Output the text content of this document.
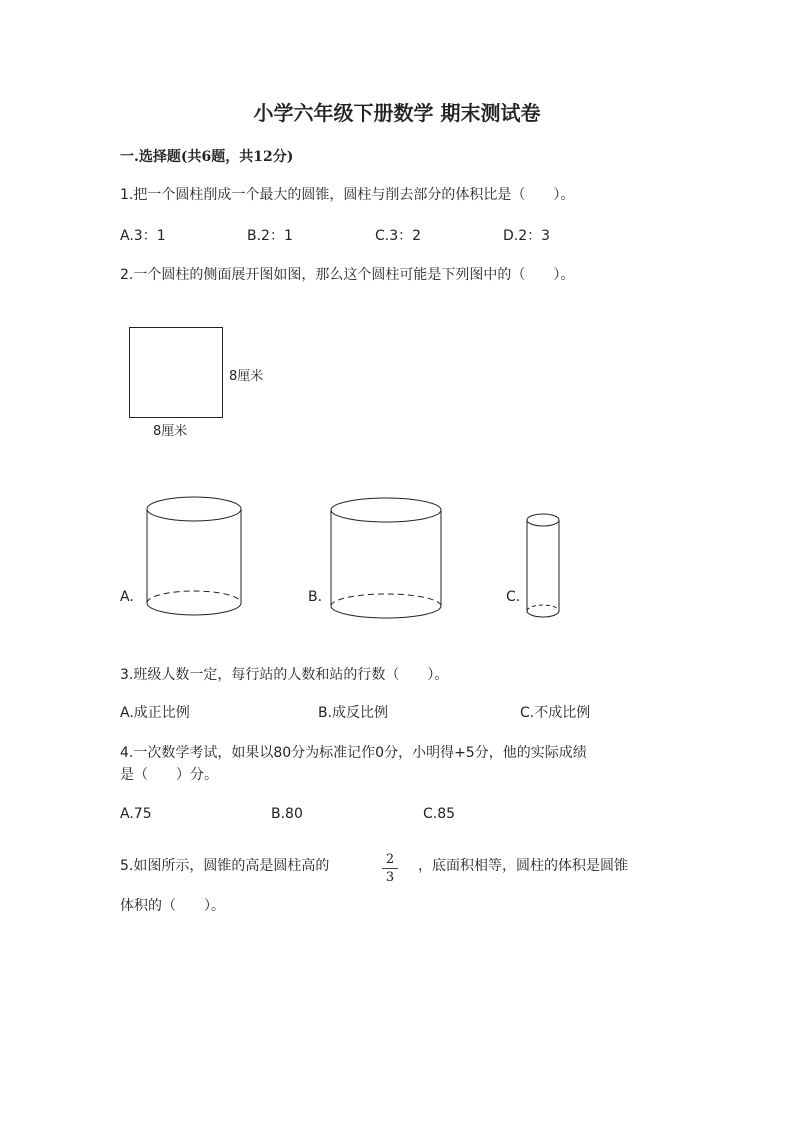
小学六年级下册数学 期末测试卷
一.选择题(共6题，共12分)
1.把一个圆柱削成一个最大的圆锥，圆柱与削去部分的体积比是（　　）。
A.3：1	B.2：1	C.3：2	D.2：3
2.一个圆柱的侧面展开图如图，那么这个圆柱可能是下列图中的（　　）。
8厘米
8厘米
A.	B.	C.
3.班级人数一定，每行站的人数和站的行数（　　）。
A.成正比例	B.成反比例	C.不成比例
4.一次数学考试，如果以80分为标准记作0分，小明得+5分，他的实际成绩
是（　　）分。
A.75	B.80	C.85
5.如图所示，圆锥的高是圆柱高的	2
3
，底面积相等，圆柱的体积是圆锥
体积的（　　）。
